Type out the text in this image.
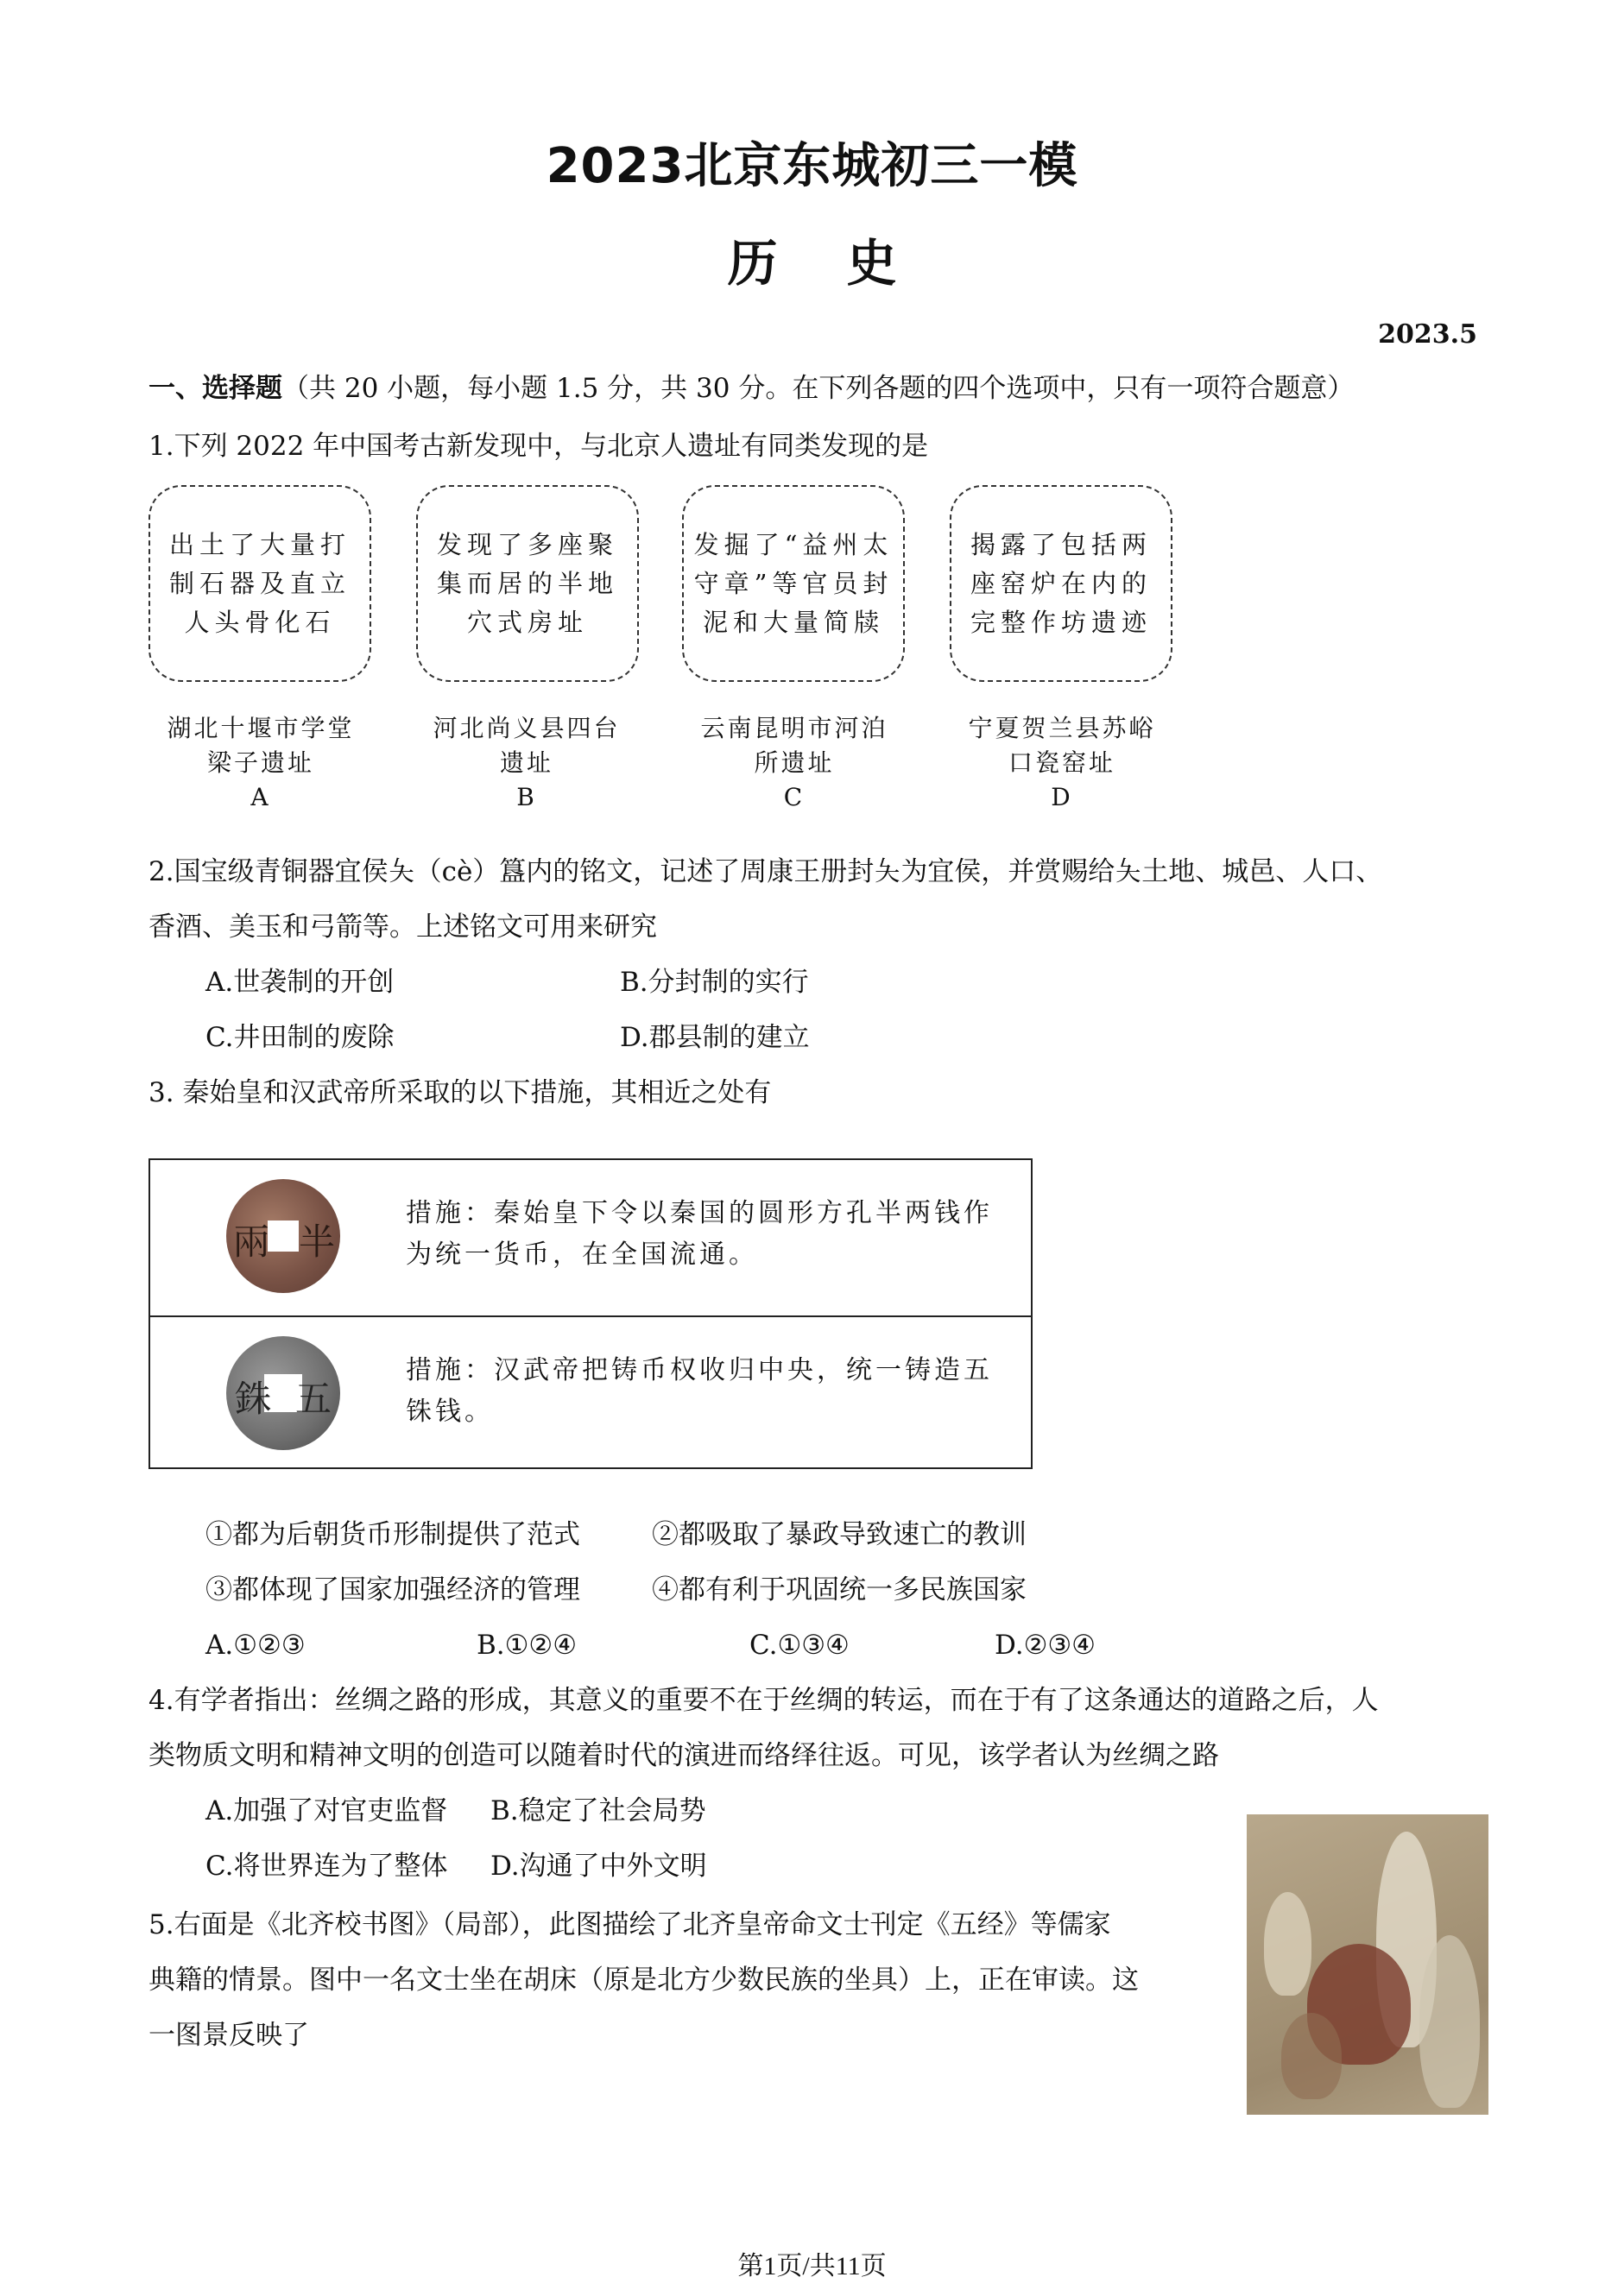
2023北京东城初三一模
历史
2023.5
一、选择题（共 20 小题，每小题 1.5 分，共 30 分。在下列各题的四个选项中，只有一项符合题意）
1.下列 2022 年中国考古新发现中，与北京人遗址有同类发现的是
出土了大量打制石器及直立人头骨化石
发现了多座聚集而居的半地穴式房址
发掘了“益州太守章”等官员封泥和大量简牍
揭露了包括两座窑炉在内的完整作坊遗迹
湖北十堰市学堂梁子遗址
A
河北尚义县四台遗址
B
云南昆明市河泊所遗址
C
宁夏贺兰县苏峪口瓷窑址
D
2.国宝级青铜器宜侯夨（cè）簋内的铭文，记述了周康王册封夨为宜侯，并赏赐给夨土地、城邑、人口、
香酒、美玉和弓箭等。上述铭文可用来研究
A.世袭制的开创	B.分封制的实行
C.井田制的废除	D.郡县制的建立
3. 秦始皇和汉武帝所采取的以下措施，其相近之处有
兩 半
措施：秦始皇下令以秦国的圆形方孔半两钱作为统一货币，在全国流通。
銖 五
措施：汉武帝把铸币权收归中央，统一铸造五铢钱。
①都为后朝货币形制提供了范式	②都吸取了暴政导致速亡的教训
③都体现了国家加强经济的管理	④都有利于巩固统一多民族国家
A.①②③	B.①②④	C.①③④	D.②③④
4.有学者指出：丝绸之路的形成，其意义的重要不在于丝绸的转运，而在于有了这条通达的道路之后，人
类物质文明和精神文明的创造可以随着时代的演进而络绎往返。可见，该学者认为丝绸之路
A.加强了对官吏监督 B.稳定了社会局势
C.将世界连为了整体 D.沟通了中外文明
5.右面是《北齐校书图》（局部），此图描绘了北齐皇帝命文士刊定《五经》等儒家
典籍的情景。图中一名文士坐在胡床（原是北方少数民族的坐具）上，正在审读。这
一图景反映了
第1页/共11页
